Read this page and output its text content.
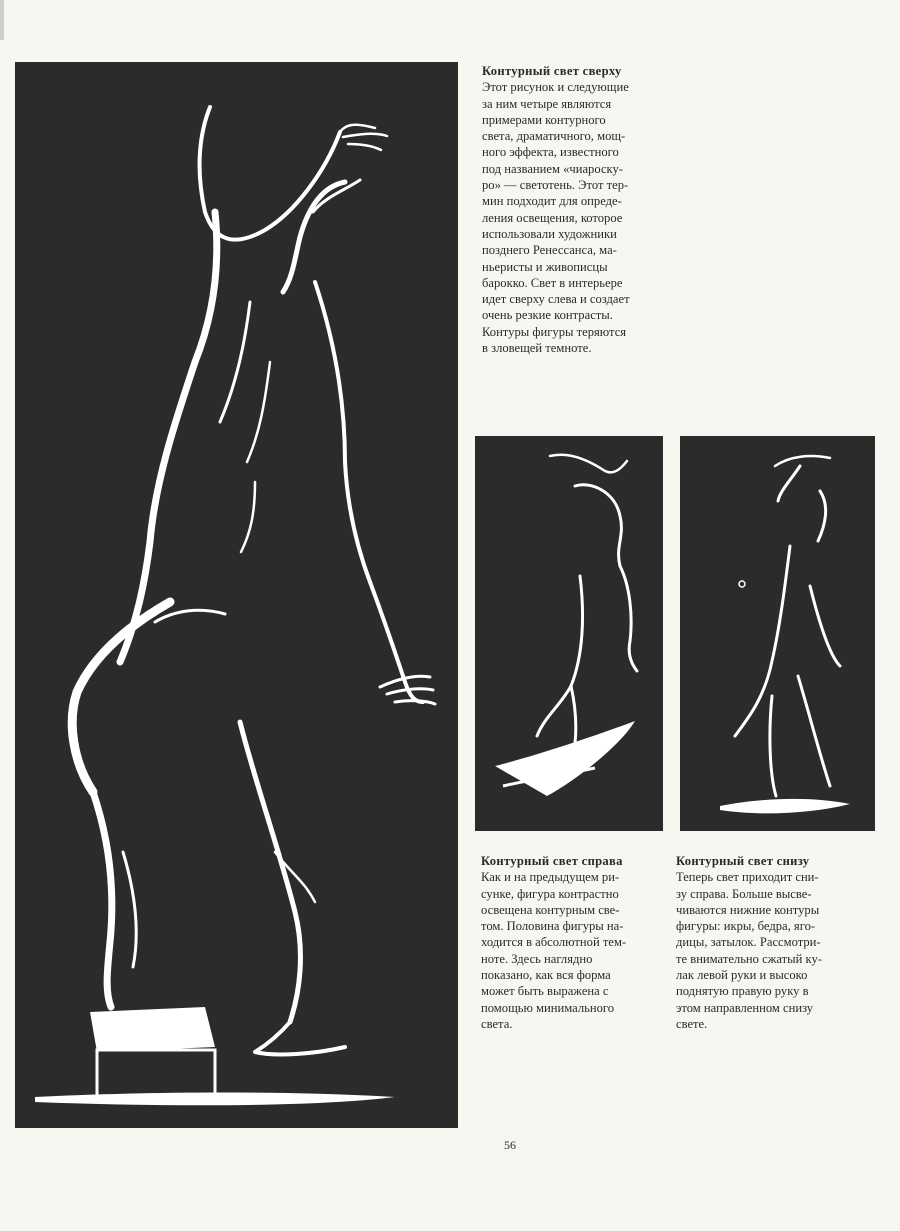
Контурный свет сверху
Этот рисунок и следующие
за ним четыре являются
примерами контурного
света, драматичного, мощ-
ного эффекта, известного
под названием «чиароску-
ро» — светотень. Этот тер-
мин подходит для опреде-
ления освещения, которое
использовали художники
позднего Ренессанса, ма-
ньеристы и живописцы
барокко. Свет в интерьере
идет сверху слева и создает
очень резкие контрасты.
Контуры фигуры теряются
в зловещей темноте.
Контурный свет справа
Как и на предыдущем ри-
сунке, фигура контрастно
освещена контурным све-
том. Половина фигуры на-
ходится в абсолютной тем-
ноте. Здесь наглядно
показано, как вся форма
может быть выражена с
помощью минимального
света.
Контурный свет снизу
Теперь свет приходит сни-
зу справа. Больше высве-
чиваются нижние контуры
фигуры: икры, бедра, яго-
дицы, затылок. Рассмотри-
те внимательно сжатый ку-
лак левой руки и высоко
поднятую правую руку в
этом направленном снизу
свете.
56
